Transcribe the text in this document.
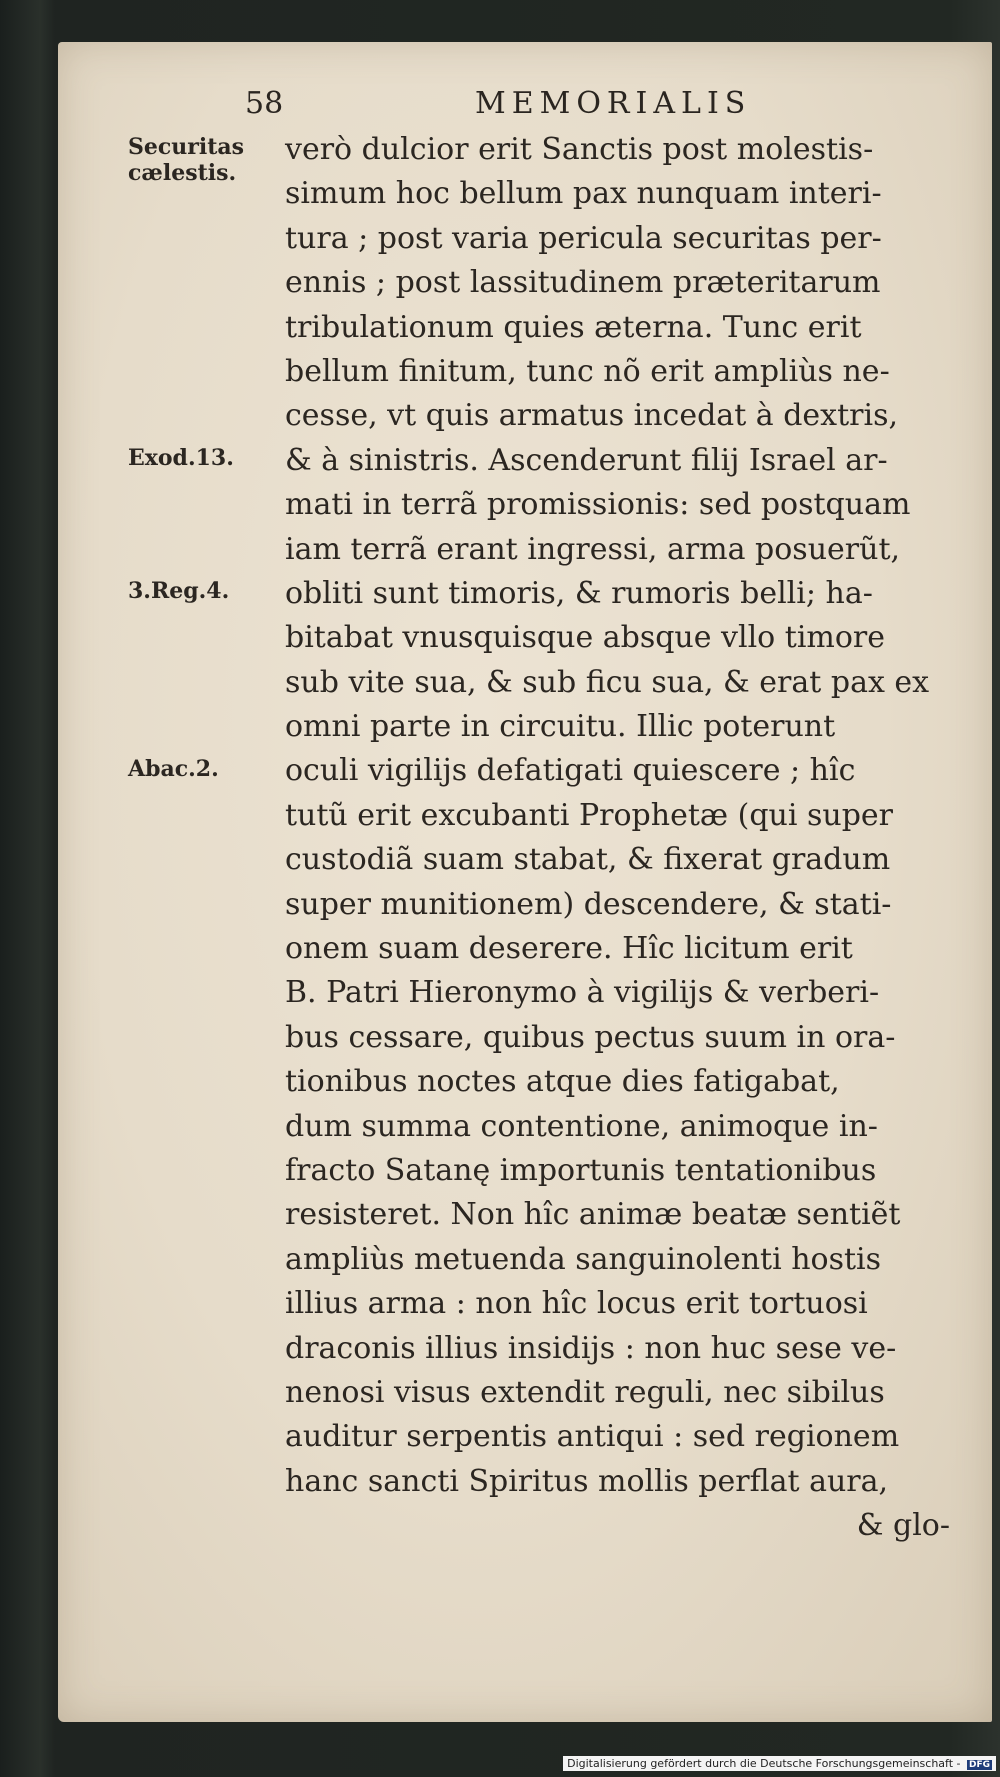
58	MEMORIALIS
Securitas cælestis.
Exod.13.
3.Reg.4.
Abac.2.
verò dulcior erit Sanctis post molestis-
simum hoc bellum pax nunquam interi-
tura ; post varia pericula securitas per-
ennis ; post lassitudinem præteritarum
tribulationum quies æterna. Tunc erit
bellum finitum, tunc nõ erit ampliùs ne-
cesse, vt quis armatus incedat à dextris,
& à sinistris. Ascenderunt filij Israel ar-
mati in terrã promissionis: sed postquam
iam terrã erant ingressi, arma posuerũt,
obliti sunt timoris, & rumoris belli; ha-
bitabat vnusquisque absque vllo timore
sub vite sua, & sub ficu sua, & erat pax ex
omni parte in circuitu. Illic poterunt
oculi vigilijs defatigati quiescere ; hîc
tutũ erit excubanti Prophetæ (qui super
custodiã suam stabat, & fixerat gradum
super munitionem) descendere, & stati-
onem suam deserere. Hîc licitum erit
B. Patri Hieronymo à vigilijs & verberi-
bus cessare, quibus pectus suum in ora-
tionibus noctes atque dies fatigabat,
dum summa contentione, animoque in-
fracto Satanę importunis tentationibus
resisteret. Non hîc animæ beatæ sentiẽt
ampliùs metuenda sanguinolenti hostis
illius arma : non hîc locus erit tortuosi
draconis illius insidijs : non huc sese ve-
nenosi visus extendit reguli, nec sibilus
auditur serpentis antiqui : sed regionem
hanc sancti Spiritus mollis perflat aura,
& glo-
Digitalisierung gefördert durch die Deutsche Forschungsgemeinschaft - DFG
